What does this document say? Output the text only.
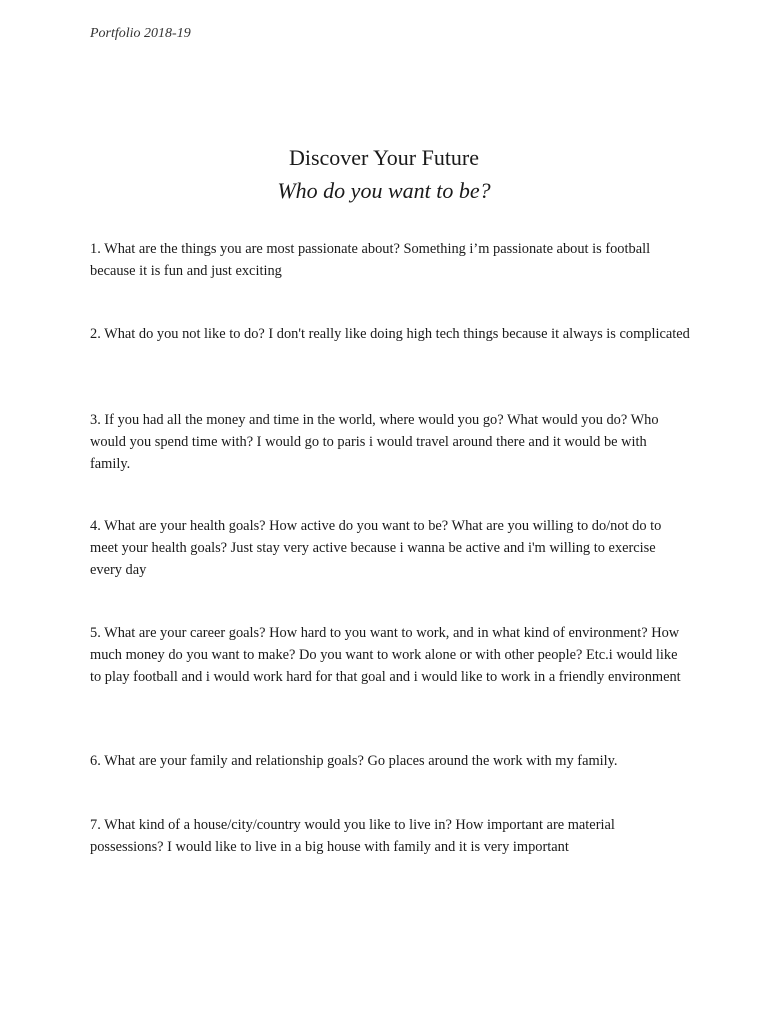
Portfolio 2018-19
Discover Your Future
Who do you want to be?
1. What are the things you are most passionate about? Something i’m passionate about is football because it is fun and just exciting
2. What do you not like to do? I don't really like doing high tech things because it always is complicated
3. If you had all the money and time in the world, where would you go? What would you do? Who would you spend time with? I would go to paris i would travel around there and it would be with family.
4. What are your health goals? How active do you want to be? What are you willing to do/not do to meet your health goals? Just stay very active because i wanna be active and i'm willing to exercise every day
5. What are your career goals? How hard to you want to work, and in what kind of environment? How much money do you want to make? Do you want to work alone or with other people? Etc.i would like to play football and i would work hard for that goal and i would like to work in a friendly environment
6. What are your family and relationship goals? Go places around the work with my family.
7. What kind of a house/city/country would you like to live in? How important are material possessions? I would like to live in a big house with family and it is very important
